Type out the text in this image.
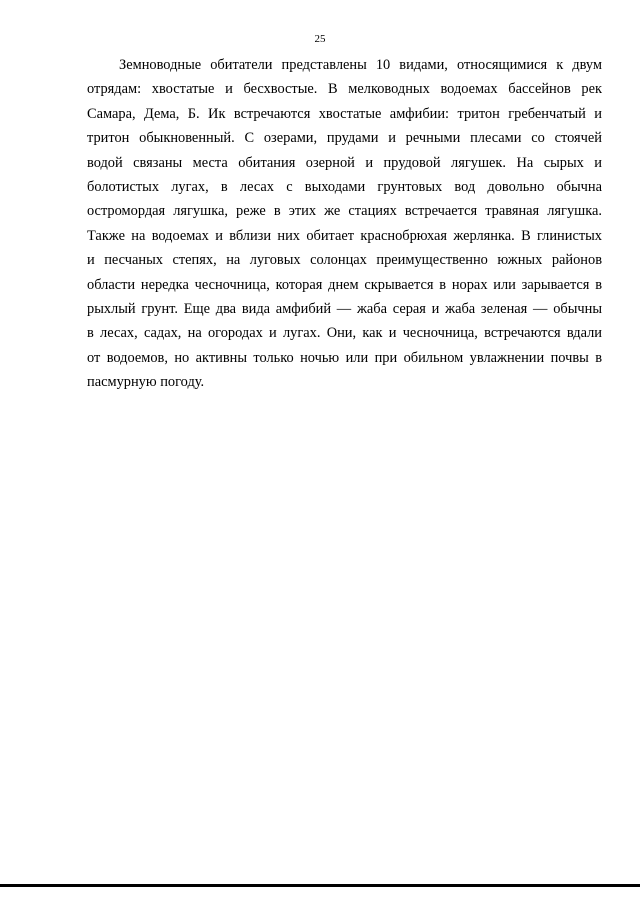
25
Земноводные обитатели представлены 10 видами, относящимися к двум
отрядам: хвостатые и бесхвостые. В мелководных водоемах бассейнов рек
Самара, Дема, Б. Ик встречаются хвостатые амфибии: тритон гребенчатый и
тритон обыкновенный. С озерами, прудами и речными плесами со стоячей
водой связаны места обитания озерной и прудовой лягушек. На сырых и
болотистых лугах, в лесах с выходами грунтовых вод довольно обычна
остромордая лягушка, реже в этих же стациях встречается травяная лягушка.
Также на водоемах и вблизи них обитает краснобрюхая жерлянка. В глинистых
и песчаных степях, на луговых солонцах преимущественно южных районов
области нередка чесночница, которая днем скрывается в норах или зарывается в
рыхлый грунт. Еще два вида амфибий — жаба серая и жаба зеленая — обычны
в лесах, садах, на огородах и лугах. Они, как и чесночница, встречаются вдали
от водоемов, но активны только ночью или при обильном увлажнении почвы в
пасмурную погоду.
